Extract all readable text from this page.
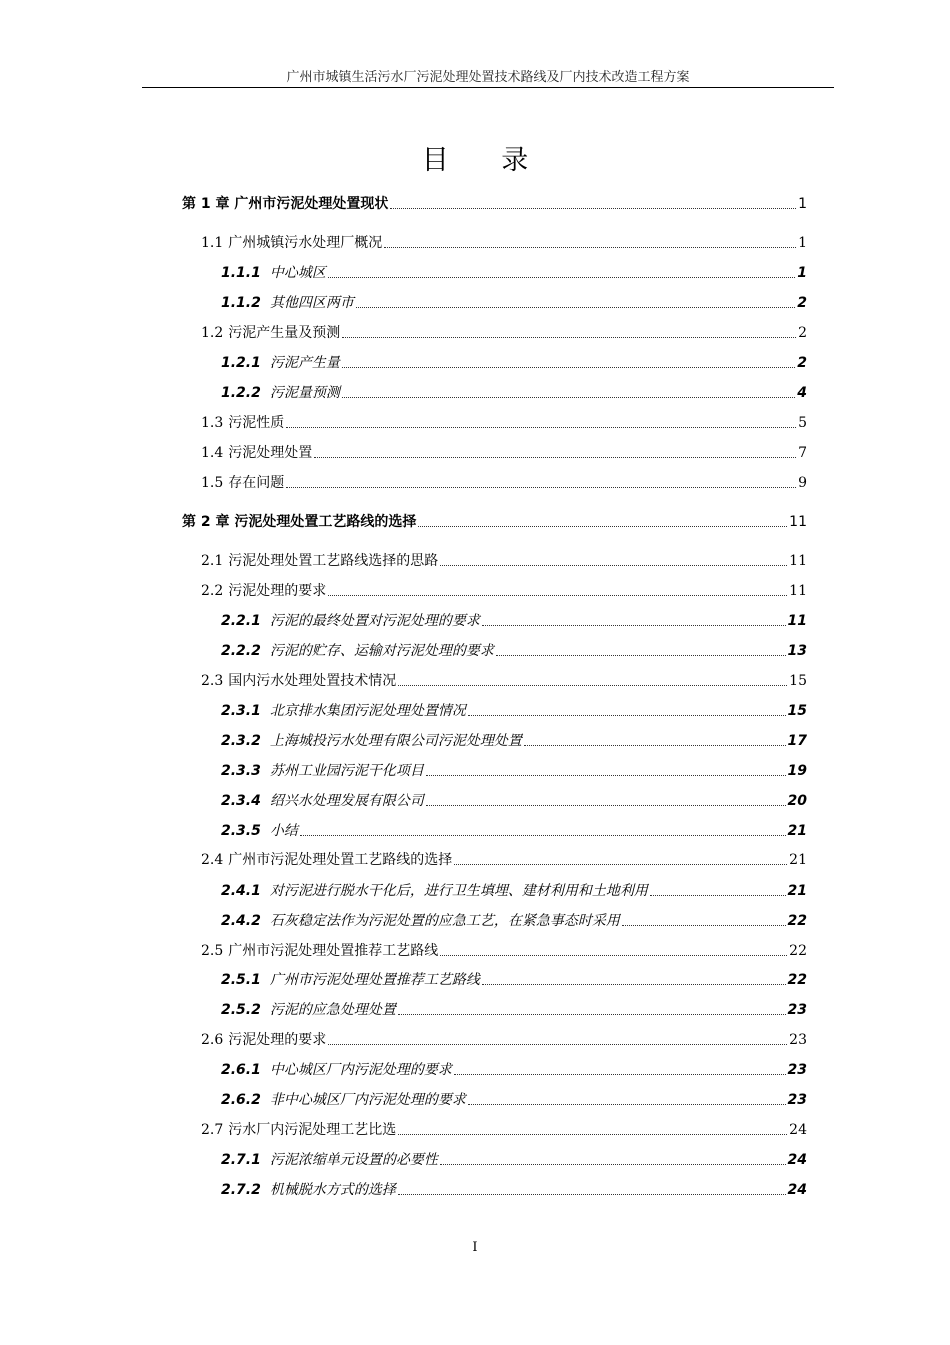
广州市城镇生活污水厂污泥处理处置技术路线及厂内技术改造工程方案
目 录
第 1 章 广州市污泥处理处置现状	1
1.1 广州城镇污水处理厂概况	1
1.1.1 中心城区	1
1.1.2 其他四区两市	2
1.2 污泥产生量及预测	2
1.2.1 污泥产生量	2
1.2.2 污泥量预测	4
1.3 污泥性质	5
1.4 污泥处理处置	7
1.5 存在问题	9
第 2 章 污泥处理处置工艺路线的选择	11
2.1 污泥处理处置工艺路线选择的思路	11
2.2 污泥处理的要求	11
2.2.1 污泥的最终处置对污泥处理的要求	11
2.2.2 污泥的贮存、运输对污泥处理的要求	13
2.3 国内污水处理处置技术情况	15
2.3.1 北京排水集团污泥处理处置情况	15
2.3.2 上海城投污水处理有限公司污泥处理处置	17
2.3.3 苏州工业园污泥干化项目	19
2.3.4 绍兴水处理发展有限公司	20
2.3.5 小结	21
2.4 广州市污泥处理处置工艺路线的选择	21
2.4.1 对污泥进行脱水干化后，进行卫生填埋、建材利用和土地利用	21
2.4.2 石灰稳定法作为污泥处置的应急工艺，在紧急事态时采用	22
2.5 广州市污泥处理处置推荐工艺路线	22
2.5.1 广州市污泥处理处置推荐工艺路线	22
2.5.2 污泥的应急处理处置	23
2.6 污泥处理的要求	23
2.6.1 中心城区厂内污泥处理的要求	23
2.6.2 非中心城区厂内污泥处理的要求	23
2.7 污水厂内污泥处理工艺比选	24
2.7.1 污泥浓缩单元设置的必要性	24
2.7.2 机械脱水方式的选择	24
I
